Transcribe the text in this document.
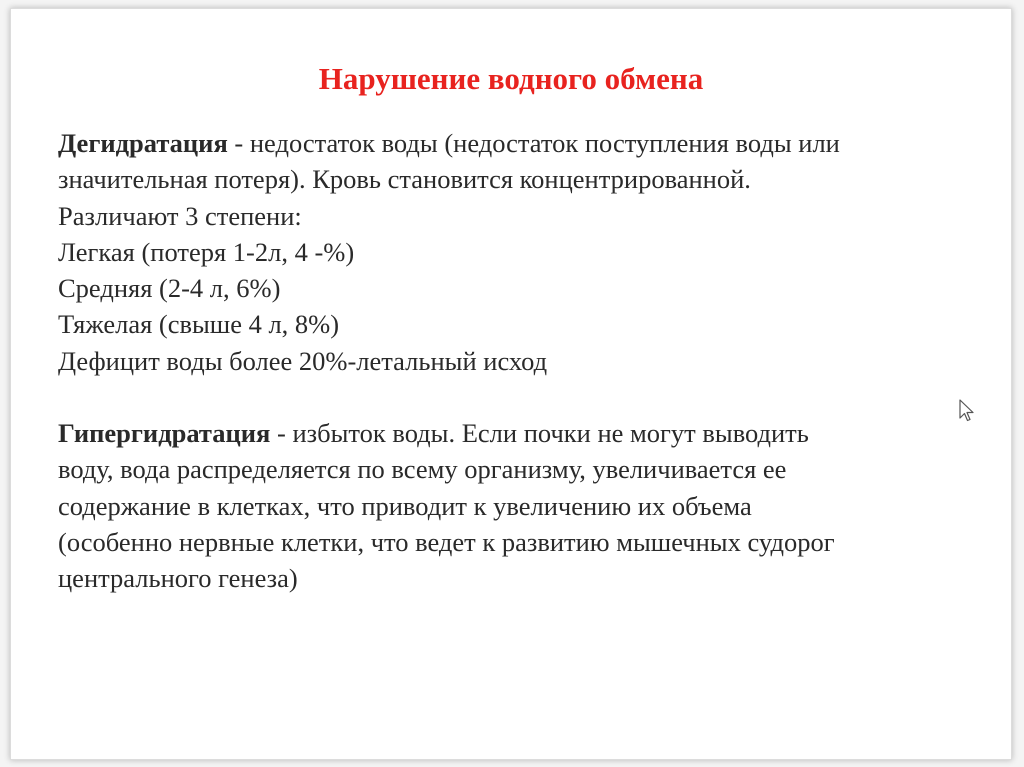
Нарушение водного обмена
Дегидратация - недостаток воды (недостаток поступления воды или
значительная потеря). Кровь становится концентрированной.
Различают 3 степени:
Легкая (потеря 1-2л, 4 -%)
Средняя (2-4 л, 6%)
Тяжелая (свыше 4 л, 8%)
Дефицит воды более 20%-летальный исход
Гипергидратация - избыток воды. Если почки не могут выводить
воду, вода распределяется по всему организму, увеличивается ее
содержание в клетках, что приводит к увеличению их объема
(особенно нервные клетки, что ведет к развитию мышечных судорог
центрального генеза)
